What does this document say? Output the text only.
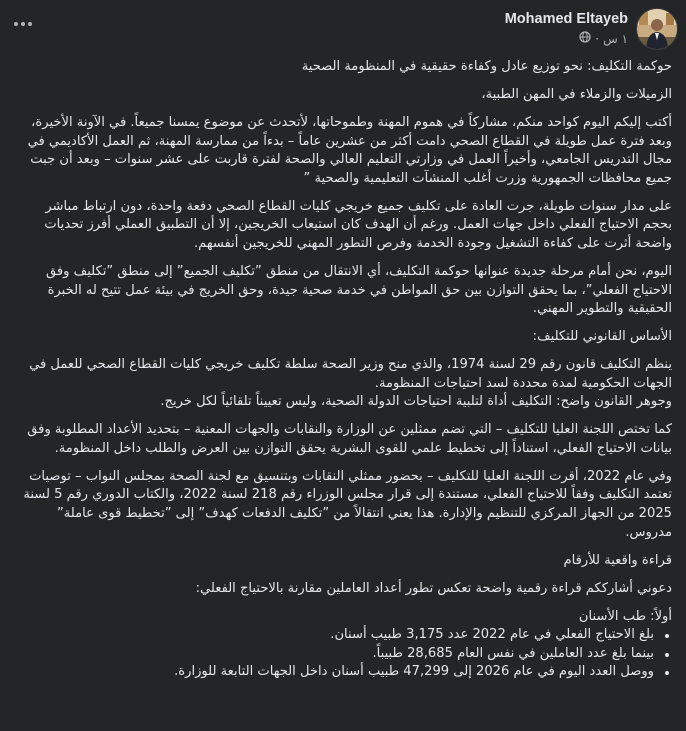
Mohamed Eltayeb
١ س
·

حوكمة التكليف: نحو توزيع عادل وكفاءة حقيقية في المنظومة الصحية

الزميلات والزملاء في المهن الطبية،

أكتب إليكم اليوم كواحد منكم، مشاركاً في هموم المهنة وطموحاتها، لأتحدث عن موضوع يمسنا جميعاً. في الآونة الأخيرة، وبعد فترة عمل طويلة في القطاع الصحي دامت أكثر من عشرين عاماً – بدءاً من ممارسة المهنة، ثم العمل الأكاديمي في مجال التدريس الجامعي، وأخيراً العمل في وزارتي التعليم العالي والصحة لفترة قاربت على عشر سنوات – وبعد أن جبت جميع محافظات الجمهورية وزرت أغلب المنشآت التعليمية والصحية ”

على مدار سنوات طويلة، جرت العادة على تكليف جميع خريجي كليات القطاع الصحي دفعة واحدة، دون ارتباط مباشر بحجم الاحتياج الفعلي داخل جهات العمل. ورغم أن الهدف كان استيعاب الخريجين، إلا أن التطبيق العملي أفرز تحديات واضحة أثرت على كفاءة التشغيل وجودة الخدمة وفرص التطور المهني للخريجين أنفسهم.

اليوم، نحن أمام مرحلة جديدة عنوانها حوكمة التكليف، أي الانتقال من منطق ”تكليف الجميع” إلى منطق ”تكليف وفق الاحتياج الفعلي”، بما يحقق التوازن بين حق المواطن في خدمة صحية جيدة، وحق الخريج في بيئة عمل تتيح له الخبرة الحقيقية والتطوير المهني.

الأساس القانوني للتكليف:

ينظم التكليف قانون رقم 29 لسنة 1974، والذي منح وزير الصحة سلطة تكليف خريجي كليات القطاع الصحي للعمل في الجهات الحكومية لمدة محددة لسد احتياجات المنظومة.

وجوهر القانون واضح: التكليف أداة لتلبية احتياجات الدولة الصحية، وليس تعييناً تلقائياً لكل خريج.

كما تختص اللجنة العليا للتكليف – التي تضم ممثلين عن الوزارة والنقابات والجهات المعنية – بتحديد الأعداد المطلوبة وفق بيانات الاحتياج الفعلي، استناداً إلى تخطيط علمي للقوى البشرية يحقق التوازن بين العرض والطلب داخل المنظومة.

وفي عام 2022، أقرت اللجنة العليا للتكليف – بحضور ممثلي النقابات وبتنسيق مع لجنة الصحة بمجلس النواب – توصيات تعتمد التكليف وفقاً للاحتياج الفعلي، مستندة إلى قرار مجلس الوزراء رقم 218 لسنة 2022، والكتاب الدوري رقم 5 لسنة 2025 من الجهاز المركزي للتنظيم والإدارة. هذا يعني انتقالاً من ”تكليف الدفعات كهدف” إلى ”تخطيط قوى عاملة” مدروس.

قراءة واقعية للأرقام

دعوني أشارككم قراءة رقمية واضحة تعكس تطور أعداد العاملين مقارنة بالاحتياج الفعلي:

أولاً: طب الأسنان

بلغ الاحتياج الفعلي في عام 2022 عدد 3,175 طبيب أسنان.
بينما بلغ عدد العاملين في نفس العام 28,685 طبيباً.
ووصل العدد اليوم في عام 2026 إلى 47,299 طبيب أسنان داخل الجهات التابعة للوزارة.
